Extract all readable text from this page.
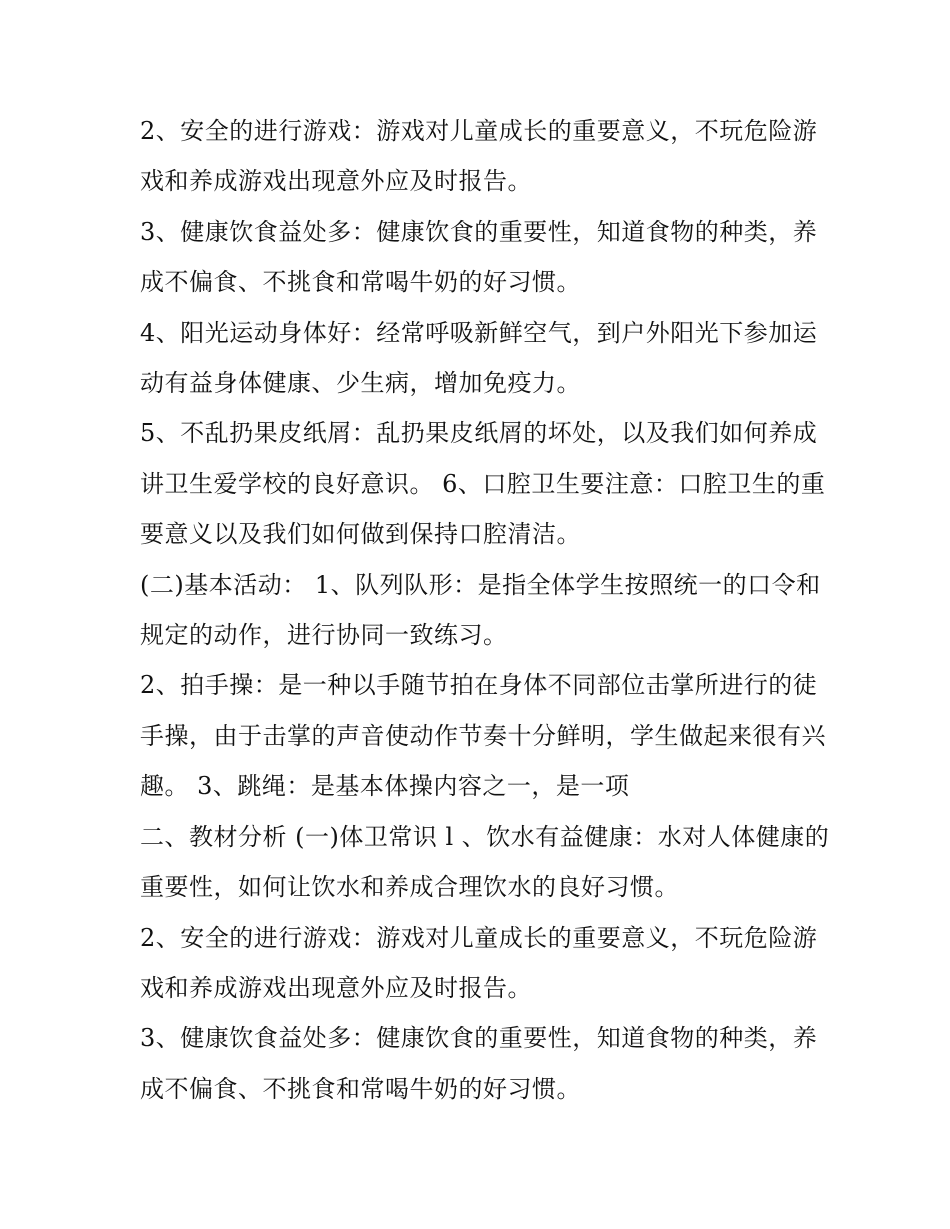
2、安全的进行游戏：游戏对儿童成长的重要意义，不玩危险游戏和养成游戏出现意外应及时报告。

3、健康饮食益处多：健康饮食的重要性，知道食物的种类，养成不偏食、不挑食和常喝牛奶的好习惯。

4、阳光运动身体好：经常呼吸新鲜空气，到户外阳光下参加运动有益身体健康、少生病，增加免疫力。

5、不乱扔果皮纸屑：乱扔果皮纸屑的坏处，以及我们如何养成讲卫生爱学校的良好意识。 6、口腔卫生要注意：口腔卫生的重要意义以及我们如何做到保持口腔清洁。

(二)基本活动： 1、队列队形：是指全体学生按照统一的口令和规定的动作，进行协同一致练习。

2、拍手操：是一种以手随节拍在身体不同部位击掌所进行的徒手操，由于击掌的声音使动作节奏十分鲜明，学生做起来很有兴趣。 3、跳绳：是基本体操内容之一，是一项

二、教材分析 (一)体卫常识 l 、饮水有益健康：水对人体健康的重要性，如何让饮水和养成合理饮水的良好习惯。

2、安全的进行游戏：游戏对儿童成长的重要意义，不玩危险游戏和养成游戏出现意外应及时报告。

3、健康饮食益处多：健康饮食的重要性，知道食物的种类，养成不偏食、不挑食和常喝牛奶的好习惯。
